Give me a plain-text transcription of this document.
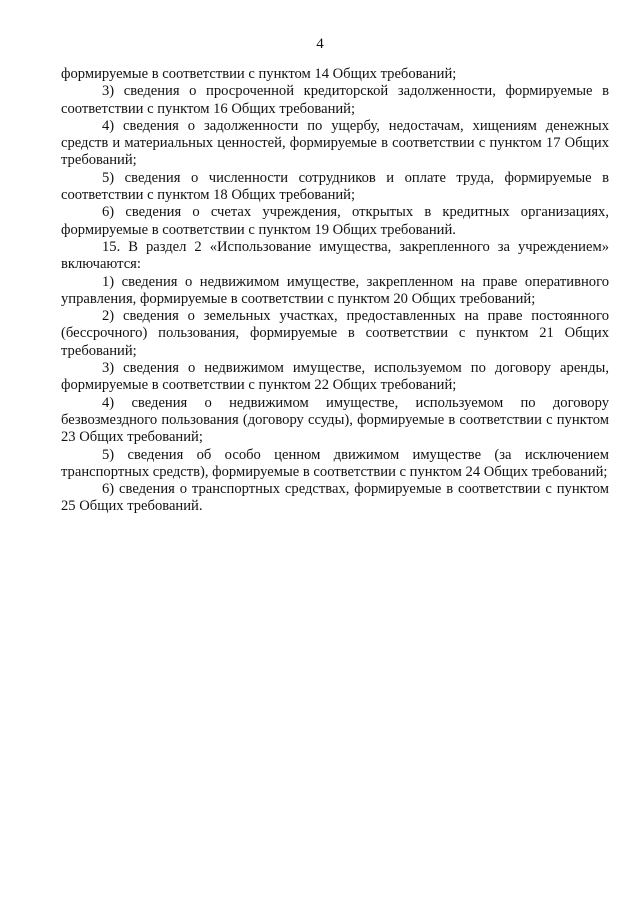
4

формируемые в соответствии с пунктом 14 Общих требований;

3) сведения о просроченной кредиторской задолженности, формируемые в соответствии с пунктом 16 Общих требований;

4) сведения о задолженности по ущербу, недостачам, хищениям денежных средств и материальных ценностей, формируемые в соответствии с пунктом 17 Общих требований;

5) сведения о численности сотрудников и оплате труда, формируемые в соответствии с пунктом 18 Общих требований;

6) сведения о счетах учреждения, открытых в кредитных организациях, формируемые в соответствии с пунктом 19 Общих требований.

15. В раздел 2 «Использование имущества, закрепленного за учреждением» включаются:

1) сведения о недвижимом имуществе, закрепленном на праве оперативного управления, формируемые в соответствии с пунктом 20 Общих требований;

2) сведения о земельных участках, предоставленных на праве постоянного (бессрочного) пользования, формируемые в соответствии с пунктом 21 Общих требований;

3) сведения о недвижимом имуществе, используемом по договору аренды, формируемые в соответствии с пунктом 22 Общих требований;

4) сведения о недвижимом имуществе, используемом по договору безвозмездного пользования (договору ссуды), формируемые в соответствии с пунктом 23 Общих требований;

5) сведения об особо ценном движимом имуществе (за исключением транспортных средств), формируемые в соответствии с пунктом 24 Общих требований;

6) сведения о транспортных средствах, формируемые в соответствии с пунктом 25 Общих требований.
